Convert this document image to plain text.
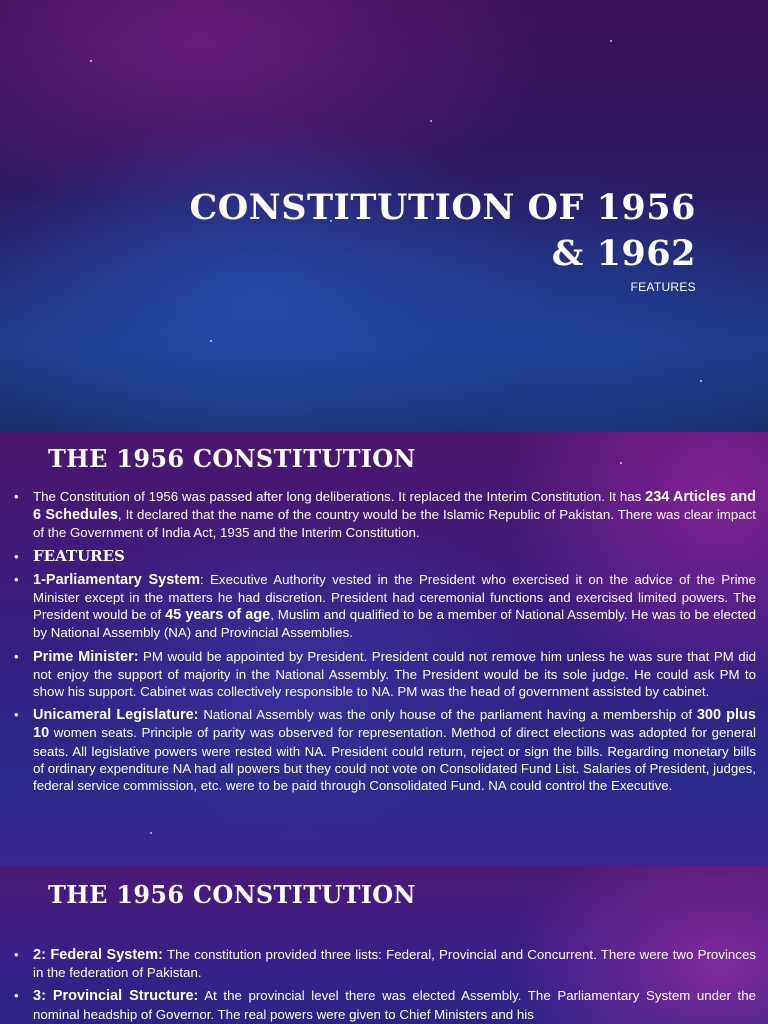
CONSTITUTION OF 1956
& 1962

FEATURES

THE 1956 CONSTITUTION
• The Constitution of 1956 was passed after long deliberations. It replaced the Interim Constitution. It has 234 Articles and 6 Schedules, It declared that the name of the country would be the Islamic Republic of Pakistan. There was clear impact of the Government of India Act, 1935 and the Interim Constitution.
• FEATURES
• 1-Parliamentary System: Executive Authority vested in the President who exercised it on the advice of the Prime Minister except in the matters he had discretion. President had ceremonial functions and exercised limited powers. The President would be of 45 years of age, Muslim and qualified to be a member of National Assembly. He was to be elected by National Assembly (NA) and Provincial Assemblies.
• Prime Minister: PM would be appointed by President. President could not remove him unless he was sure that PM did not enjoy the support of majority in the National Assembly. The President would be its sole judge. He could ask PM to show his support. Cabinet was collectively responsible to NA. PM was the head of government assisted by cabinet.
• Unicameral Legislature: National Assembly was the only house of the parliament having a membership of 300 plus 10 women seats. Principle of parity was observed for representation. Method of direct elections was adopted for general seats. All legislative powers were rested with NA. President could return, reject or sign the bills. Regarding monetary bills of ordinary expenditure NA had all powers but they could not vote on Consolidated Fund List. Salaries of President, judges, federal service commission, etc. were to be paid through Consolidated Fund. NA could control the Executive.
THE 1956 CONSTITUTION
• 2: Federal System: The constitution provided three lists: Federal, Provincial and Concurrent. There were two Provinces in the federation of Pakistan.
• 3: Provincial Structure: At the provincial level there was elected Assembly. The Parliamentary System under the nominal headship of Governor. The real powers were given to Chief Ministers and his
